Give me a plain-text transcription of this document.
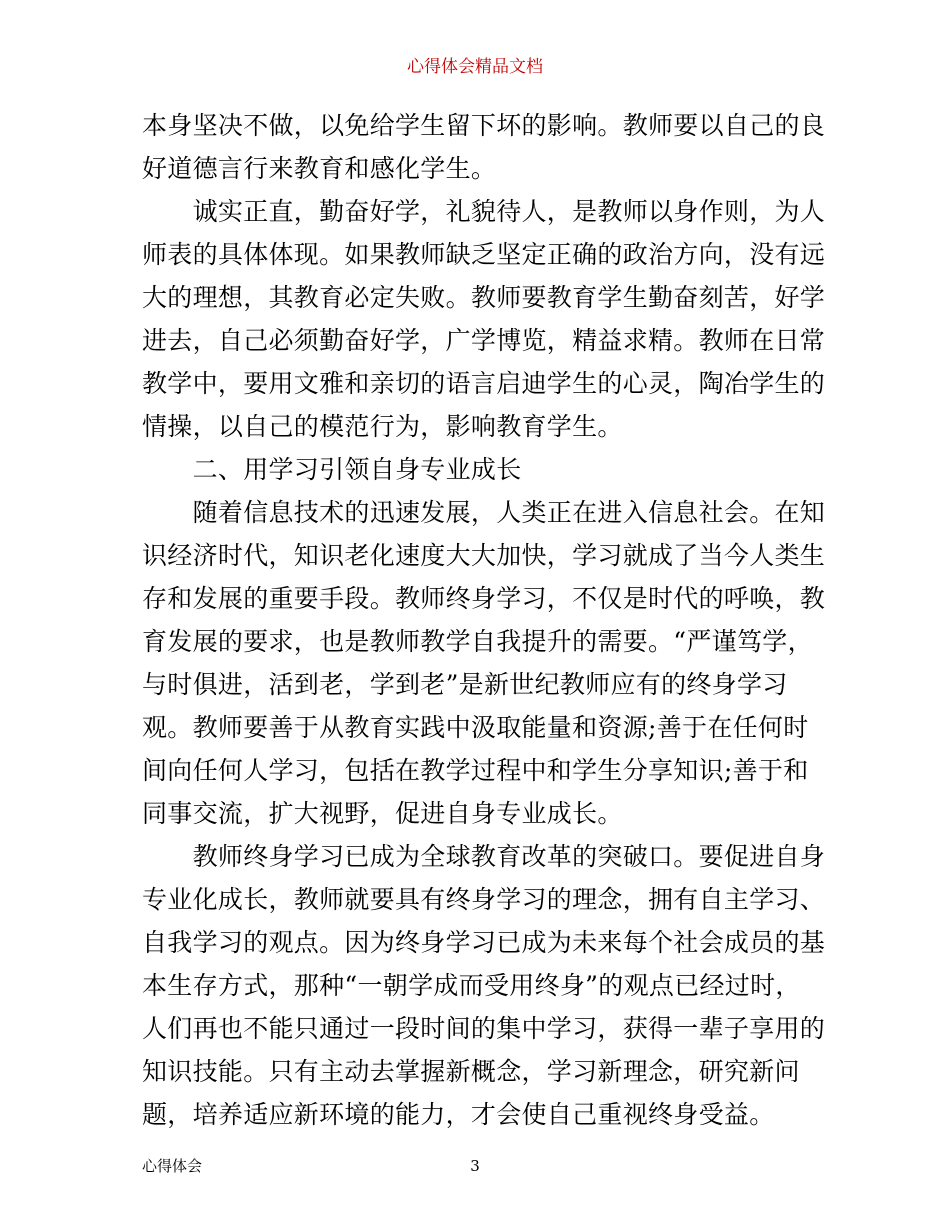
心得体会精品文档
本身坚决不做，以免给学生留下坏的影响。教师要以自己的良
好道德言行来教育和感化学生。
　　诚实正直，勤奋好学，礼貌待人，是教师以身作则，为人
师表的具体体现。如果教师缺乏坚定正确的政治方向，没有远
大的理想，其教育必定失败。教师要教育学生勤奋刻苦，好学
进去，自己必须勤奋好学，广学博览，精益求精。教师在日常
教学中，要用文雅和亲切的语言启迪学生的心灵，陶冶学生的
情操，以自己的模范行为，影响教育学生。
　　二、用学习引领自身专业成长
　　随着信息技术的迅速发展，人类正在进入信息社会。在知
识经济时代，知识老化速度大大加快，学习就成了当今人类生
存和发展的重要手段。教师终身学习，不仅是时代的呼唤，教
育发展的要求，也是教师教学自我提升的需要。“严谨笃学，
与时俱进，活到老，学到老”是新世纪教师应有的终身学习
观。教师要善于从教育实践中汲取能量和资源;善于在任何时
间向任何人学习，包括在教学过程中和学生分享知识;善于和
同事交流，扩大视野，促进自身专业成长。
　　教师终身学习已成为全球教育改革的突破口。要促进自身
专业化成长，教师就要具有终身学习的理念，拥有自主学习、
自我学习的观点。因为终身学习已成为未来每个社会成员的基
本生存方式，那种“一朝学成而受用终身”的观点已经过时，
人们再也不能只通过一段时间的集中学习，获得一辈子享用的
知识技能。只有主动去掌握新概念，学习新理念，研究新问
题，培养适应新环境的能力，才会使自己重视终身受益。
心得体会	3
